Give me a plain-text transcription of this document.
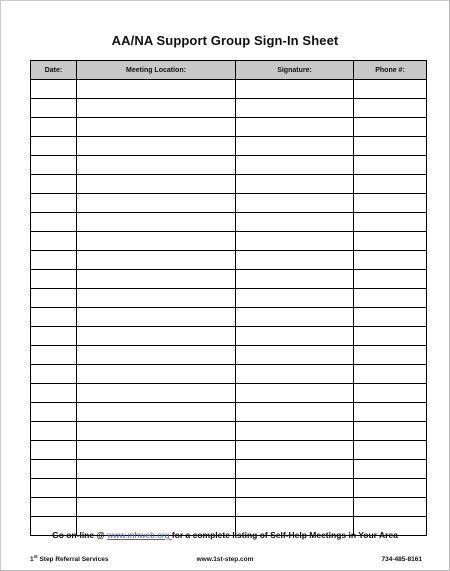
AA/NA Support Group Sign-In Sheet
Date:	Meeting Location:	Signature:	Phone #:

Go on-line @ www.mhweb.org for a complete listing of Self-Help Meetings in Your Area
1st Step Referral Services	www.1st-step.com	734-485-8161
